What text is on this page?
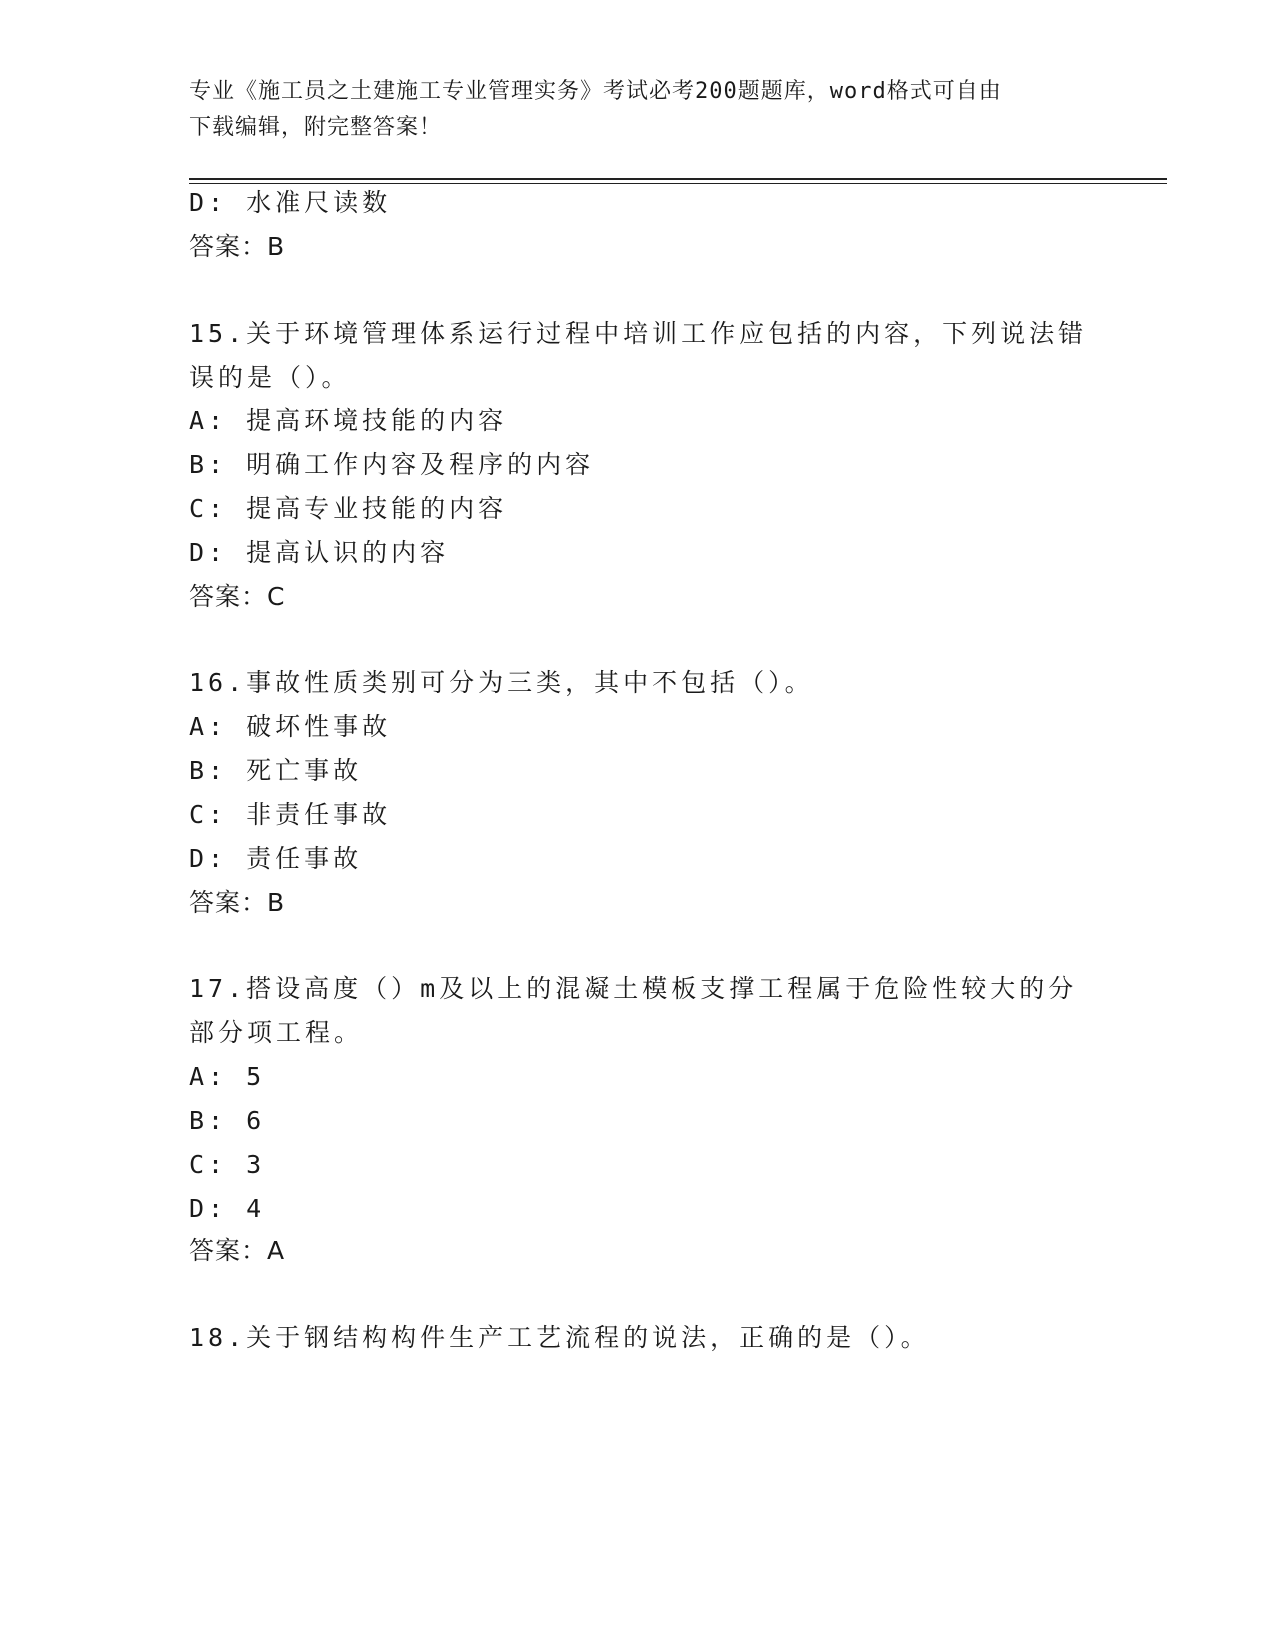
专业《施工员之土建施工专业管理实务》考试必考200题题库，word格式可自由
下载编辑，附完整答案！
D: 水准尺读数
答案：B
15.关于环境管理体系运行过程中培训工作应包括的内容，下列说法错
误的是（）。
A: 提高环境技能的内容
B: 明确工作内容及程序的内容
C: 提高专业技能的内容
D: 提高认识的内容
答案：C
16.事故性质类别可分为三类，其中不包括（）。
A: 破坏性事故
B: 死亡事故
C: 非责任事故
D: 责任事故
答案：B
17.搭设高度（）m及以上的混凝土模板支撑工程属于危险性较大的分
部分项工程。
A: 5
B: 6
C: 3
D: 4
答案：A
18.关于钢结构构件生产工艺流程的说法，正确的是（）。
